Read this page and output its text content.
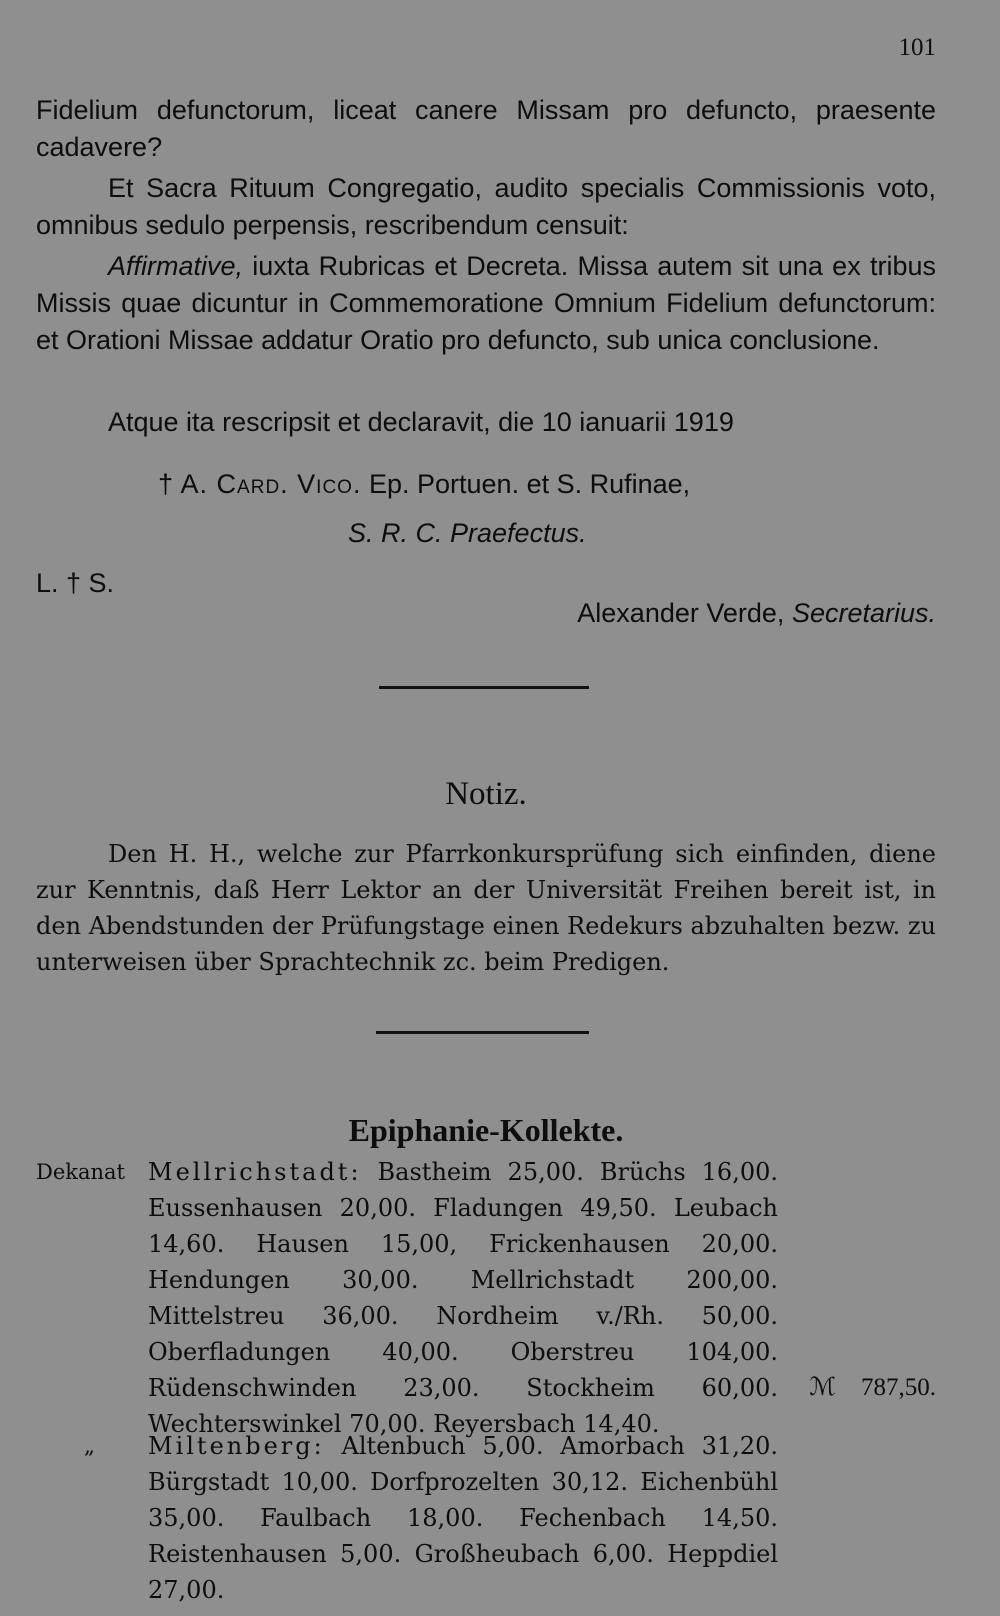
101
Fidelium defunctorum, liceat canere Missam pro defuncto, praesente cadavere?
Et Sacra Rituum Congregatio, audito specialis Commissionis voto, omnibus sedulo perpensis, rescribendum censuit:
Affirmative, iuxta Rubricas et Decreta. Missa autem sit una ex tribus Missis quae dicuntur in Commemoratione Omnium Fidelium defunctorum: et Orationi Missae addatur Oratio pro defuncto, sub unica conclusione.
Atque ita rescripsit et declaravit, die 10 ianuarii 1919
† A. Card. Vico. Ep. Portuen. et S. Rufinae,
S. R. C. Praefectus.
L. † S.
Alexander Verde, Secretarius.
Notiz.
Den H. H., welche zur Pfarrkonkursprüfung sich einfinden, diene zur Kenntnis, daß Herr Lektor an der Universität Freihen bereit ist, in den Abendstunden der Prüfungstage einen Redekurs abzuhalten bezw. zu unterweisen über Sprachtechnik zc. beim Predigen.
Epiphanie-Kollekte.
Dekanat Mellrichstadt: Bastheim 25,00. Brüchs 16,00. Eussenhausen 20,00. Fladungen 49,50. Leubach 14,60. Hausen 15,00, Frickenhausen 20,00. Hendungen 30,00. Mellrichstadt 200,00. Mittelstreu 36,00. Nordheim v./Rh. 50,00. Oberfladungen 40,00. Oberstreu 104,00. Rüdenschwinden 23,00. Stockheim 60,00. Wechterswinkel 70,00. Reyersbach 14,40.
ℳ 787,50.
„ Miltenberg: Altenbuch 5,00. Amorbach 31,20. Bürgstadt 10,00. Dorfprozelten 30,12. Eichenbühl 35,00. Faulbach 18,00. Fechenbach 14,50. Reistenhausen 5,00. Großheubach 6,00. Heppdiel 27,00.
